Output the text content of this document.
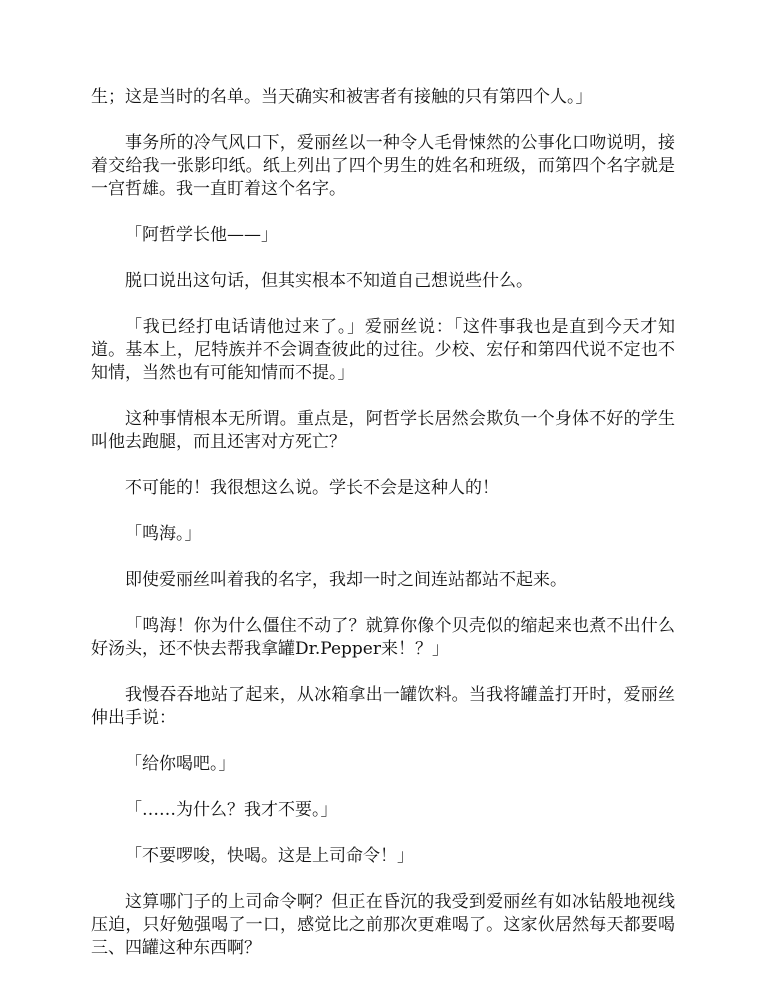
生；这是当时的名单。当天确实和被害者有接触的只有第四个人。」

事务所的冷气风口下，爱丽丝以一种令人毛骨悚然的公事化口吻说明，接着交给我一张影印纸。纸上列出了四个男生的姓名和班级，而第四个名字就是一宫哲雄。我一直盯着这个名字。

「阿哲学长他——」

脱口说出这句话，但其实根本不知道自己想说些什么。

「我已经打电话请他过来了。」爱丽丝说：「这件事我也是直到今天才知道。基本上，尼特族并不会调查彼此的过往。少校、宏仔和第四代说不定也不知情，当然也有可能知情而不提。」

这种事情根本无所谓。重点是，阿哲学长居然会欺负一个身体不好的学生叫他去跑腿，而且还害对方死亡？

不可能的！我很想这么说。学长不会是这种人的！

「鸣海。」

即使爱丽丝叫着我的名字，我却一时之间连站都站不起来。

「鸣海！你为什么僵住不动了？就算你像个贝壳似的缩起来也煮不出什么好汤头，还不快去帮我拿罐Dr.Pepper来！？」

我慢吞吞地站了起来，从冰箱拿出一罐饮料。当我将罐盖打开时，爱丽丝伸出手说：

「给你喝吧。」

「……为什么？我才不要。」

「不要啰唆，快喝。这是上司命令！」

这算哪门子的上司命令啊？但正在昏沉的我受到爱丽丝有如冰钻般地视线压迫，只好勉强喝了一口，感觉比之前那次更难喝了。这家伙居然每天都要喝三、四罐这种东西啊？
